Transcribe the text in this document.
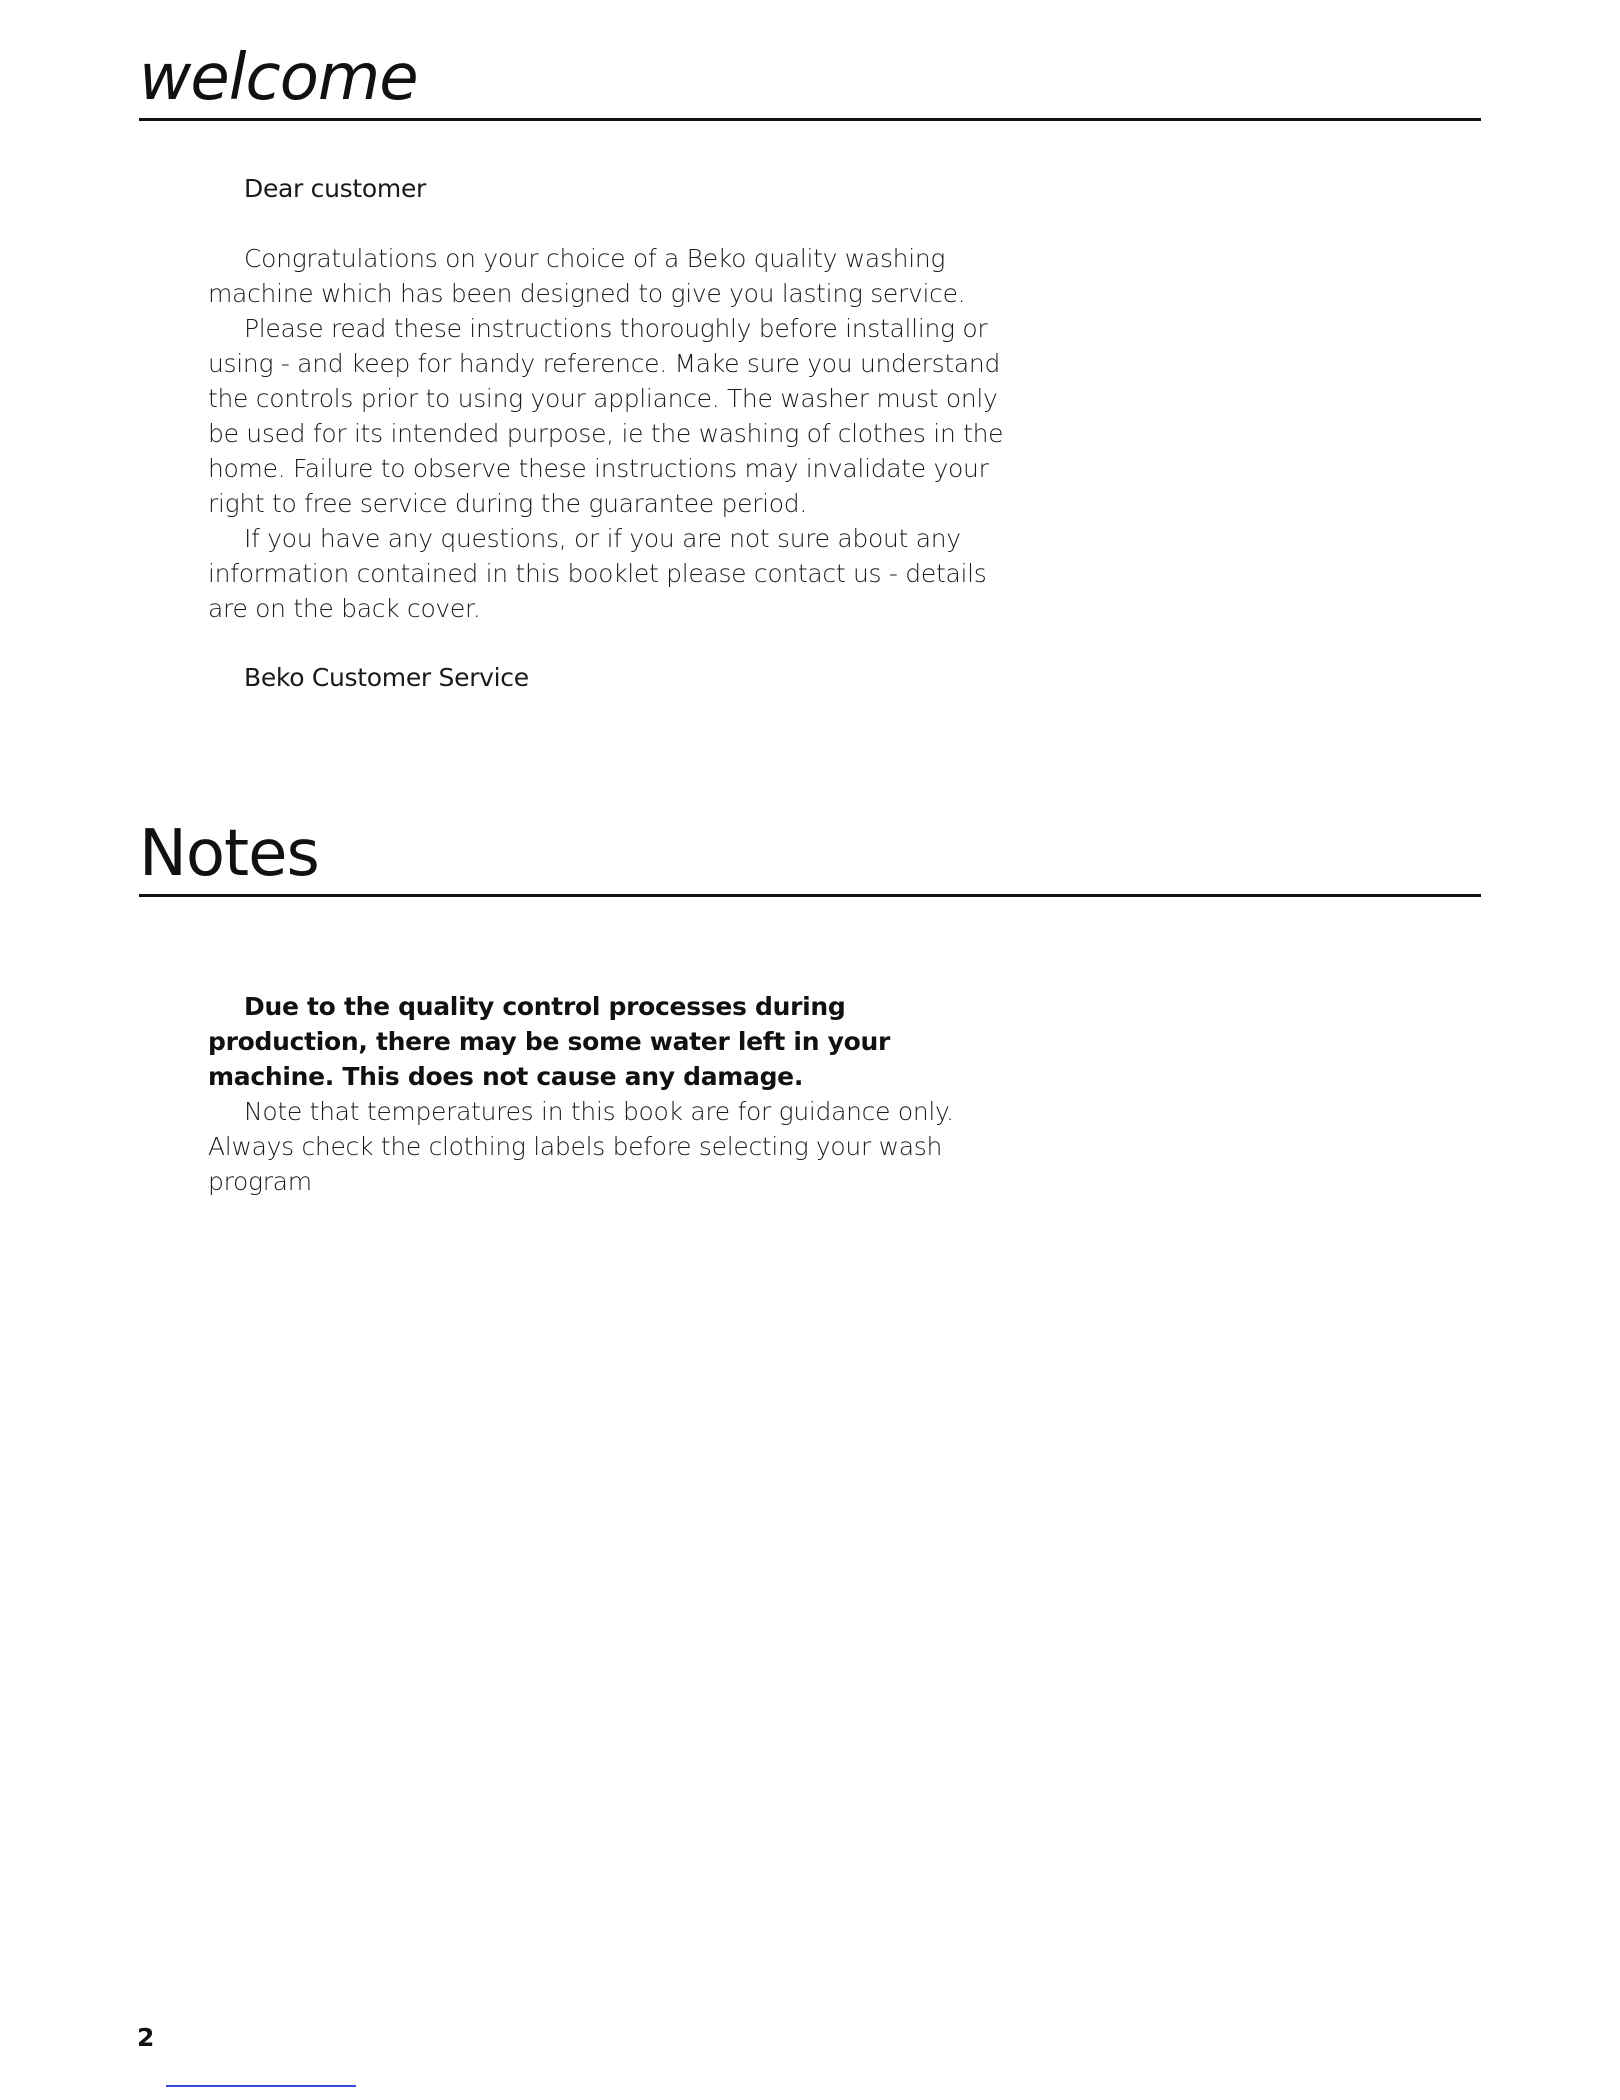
welcome

Dear customer

Congratulations on your choice of a Beko quality washing machine which has been designed to give you lasting service.

Please read these instructions thoroughly before installing or using - and keep for handy reference. Make sure you understand the controls prior to using your appliance. The washer must only be used for its intended purpose, ie the washing of clothes in the home. Failure to observe these instructions may invalidate your right to free service during the guarantee period.

If you have any questions, or if you are not sure about any information contained in this booklet please contact us - details are on the back cover.

Beko Customer Service

Notes

Due to the quality control processes during production, there may be some water left in your machine. This does not cause any damage.

Note that temperatures in this book are for guidance only. Always check the clothing labels before selecting your wash program

2
